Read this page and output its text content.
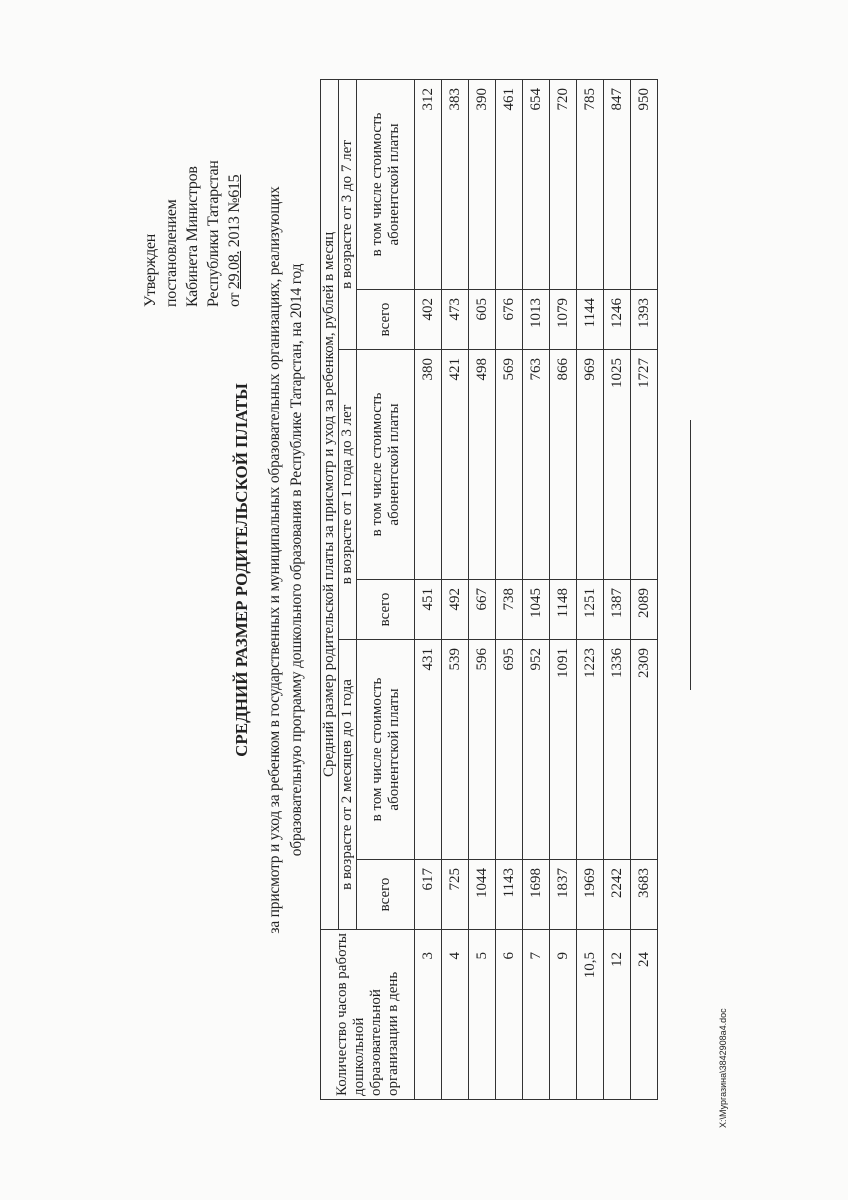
Утвержден постановлением Кабинета Министров Республики Татарстан от 29.08. 2013 №615
СРЕДНИЙ РАЗМЕР РОДИТЕЛЬСКОЙ ПЛАТЫ за присмотр и уход за ребенком в государственных и муниципальных образовательных организациях, реализующих образовательную программу дошкольного образования в Республике Татарстан, на 2014 год
Количество часов работы дошкольной образовательной организации в день	Средний размер родительской платы за присмотр и уход за ребенком, рублей в месяц					
	в возрасте от 2 месяцев до 1 года		в возрасте от 1 года до 3 лет		в возрасте от 3 до 7 лет	
	всего	в том числе стоимость абонентской платы	всего	в том числе стоимость абонентской платы	всего	в том числе стоимость абонентской платы
3	617	431	451	380	402	312
4	725	539	492	421	473	383
5	1044	596	667	498	605	390
6	1143	695	738	569	676	461
7	1698	952	1045	763	1013	654
9	1837	1091	1148	866	1079	720
10,5	1969	1223	1251	969	1144	785
12	2242	1336	1387	1025	1246	847
24	3683	2309	2089	1727	1393	950
X:\Мургазина\3842908а4.doc
